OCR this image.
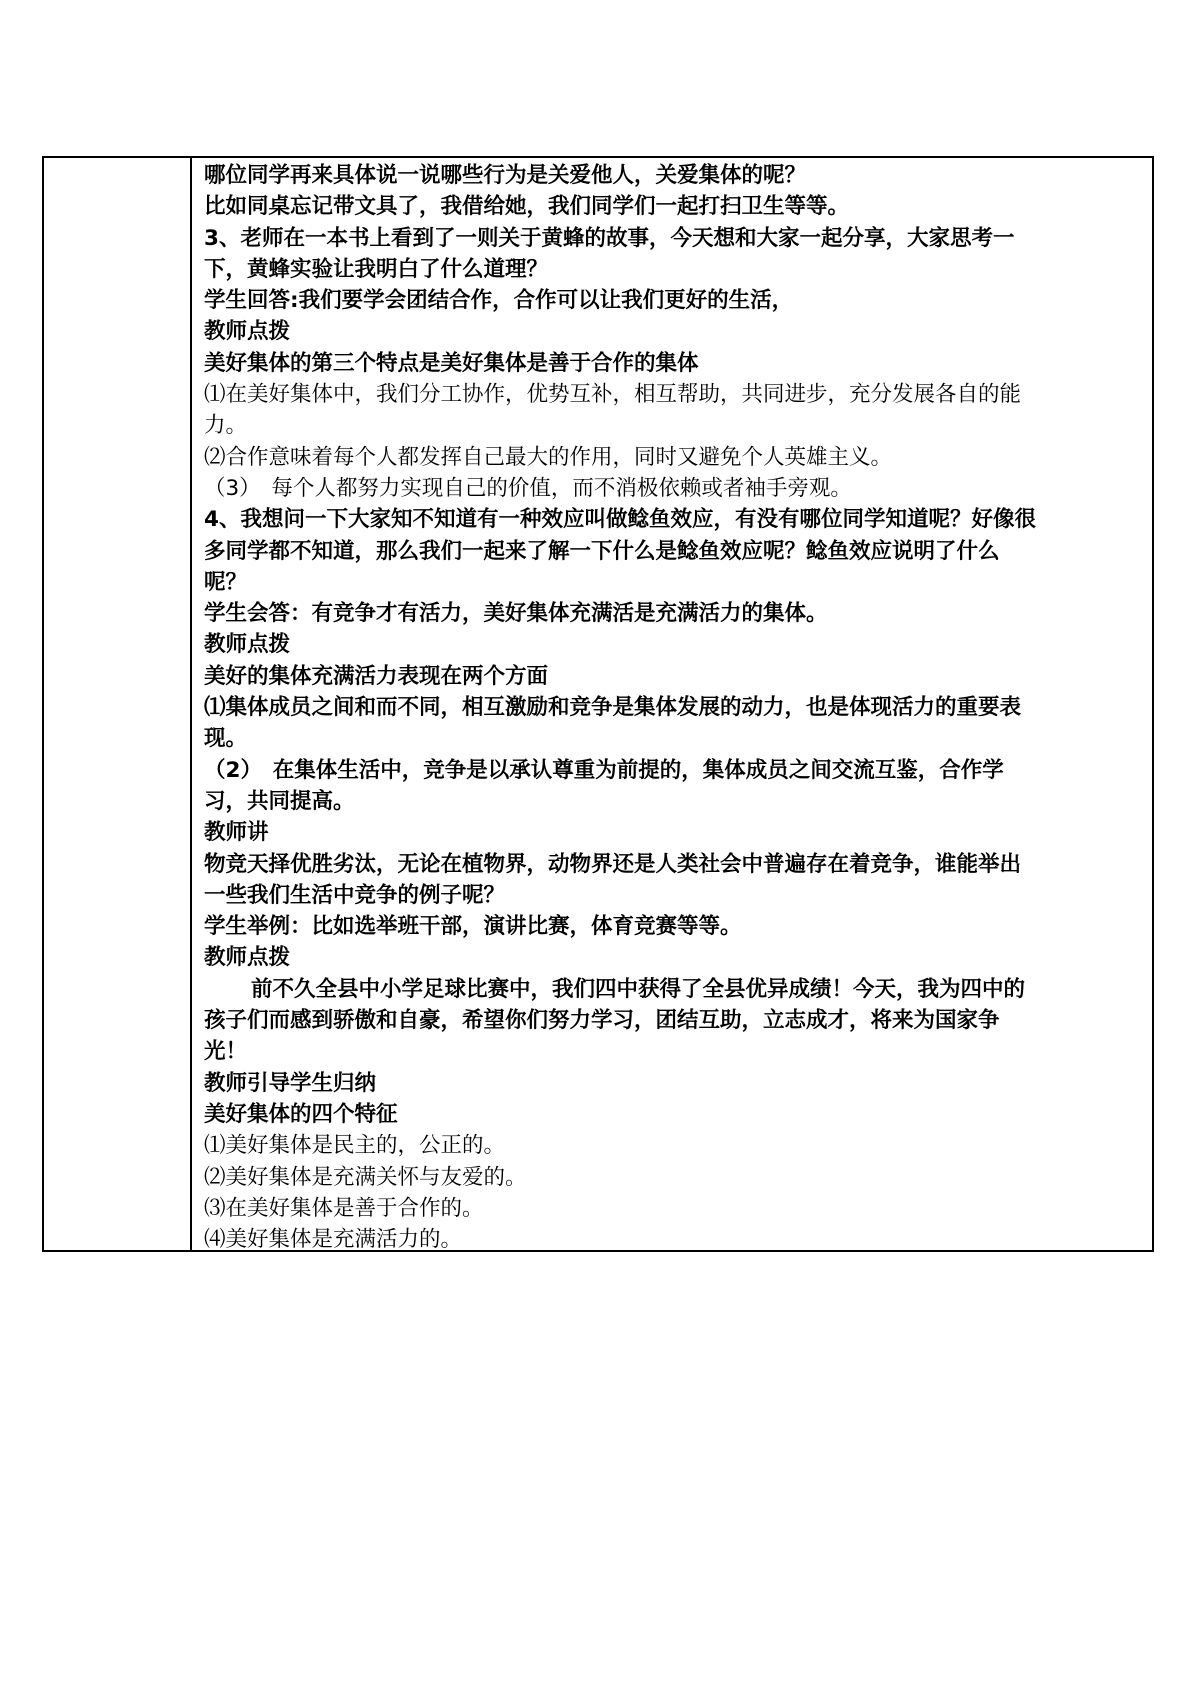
哪位同学再来具体说一说哪些行为是关爱他人，关爱集体的呢？
比如同桌忘记带文具了，我借给她，我们同学们一起打扫卫生等等。
3、老师在一本书上看到了一则关于黄蜂的故事，今天想和大家一起分享，大家思考一
下，黄蜂实验让我明白了什么道理？
学生回答:我们要学会团结合作，合作可以让我们更好的生活，
教师点拨
美好集体的第三个特点是美好集体是善于合作的集体
⑴在美好集体中，我们分工协作，优势互补，相互帮助，共同进步，充分发展各自的能
力。
⑵合作意味着每个人都发挥自己最大的作用，同时又避免个人英雄主义。
（3）　每个人都努力实现自己的价值，而不消极依赖或者袖手旁观。
4、我想问一下大家知不知道有一种效应叫做鲶鱼效应，有没有哪位同学知道呢？好像很
多同学都不知道，那么我们一起来了解一下什么是鲶鱼效应呢？鲶鱼效应说明了什么
呢？
学生会答：有竞争才有活力，美好集体充满活是充满活力的集体。
教师点拨
美好的集体充满活力表现在两个方面
⑴集体成员之间和而不同，相互激励和竞争是集体发展的动力，也是体现活力的重要表
现。
（2）　在集体生活中，竞争是以承认尊重为前提的，集体成员之间交流互鉴，合作学
习，共同提高。
教师讲
物竞天择优胜劣汰，无论在植物界，动物界还是人类社会中普遍存在着竞争，谁能举出
一些我们生活中竞争的例子呢？
学生举例：比如选举班干部，演讲比赛，体育竞赛等等。
教师点拨
前不久全县中小学足球比赛中，我们四中获得了全县优异成绩！今天，我为四中的
孩子们而感到骄傲和自豪，希望你们努力学习，团结互助，立志成才，将来为国家争
光！
教师引导学生归纳
美好集体的四个特征
⑴美好集体是民主的，公正的。
⑵美好集体是充满关怀与友爱的。
⑶在美好集体是善于合作的。
⑷美好集体是充满活力的。
